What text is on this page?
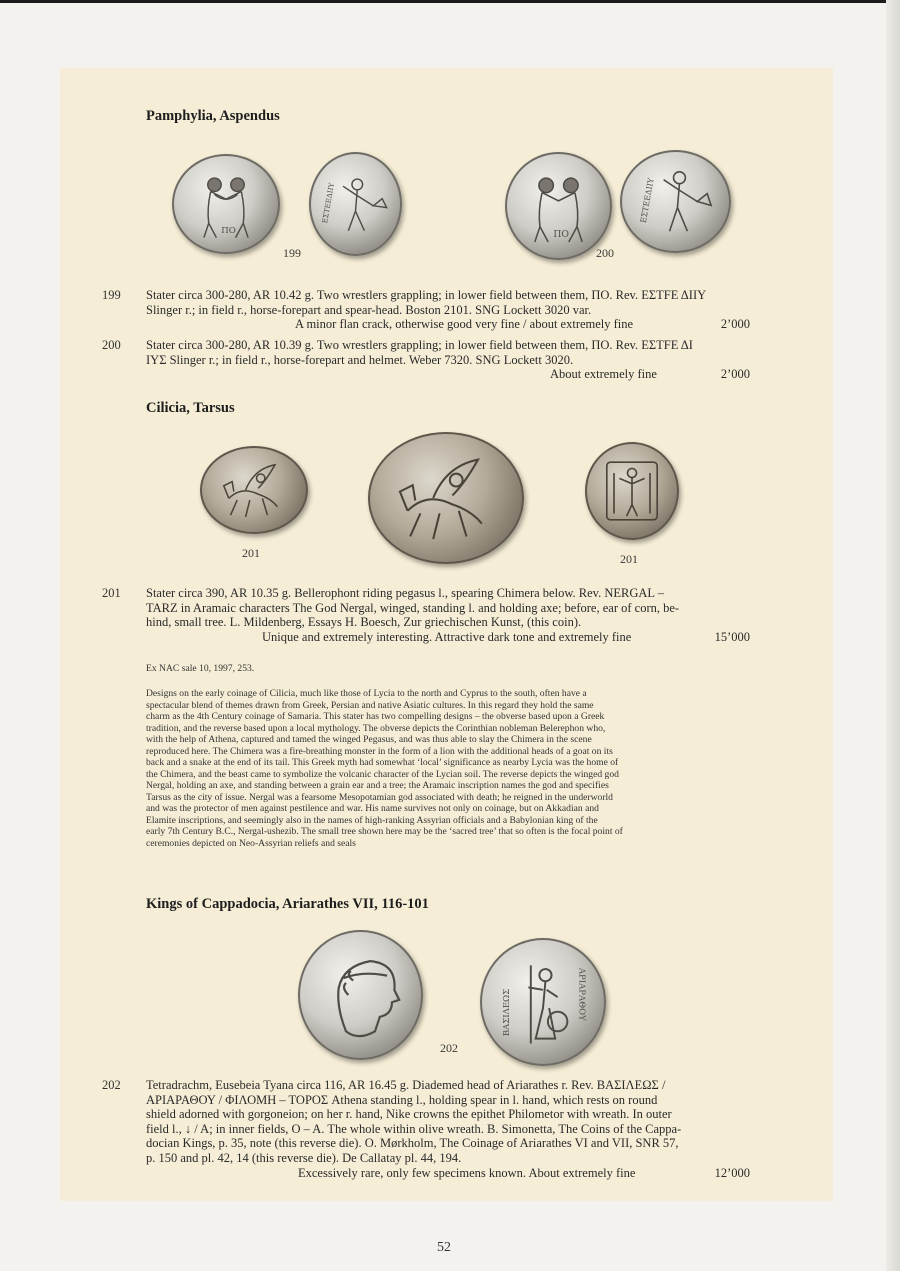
Pamphylia, Aspendus
ΠΟ
ΕΣΤΕΕΔΙΙΥ
199
ΠΟ
ΕΣΤΕΕΔΙΙΥ
200
199 Stater circa 300-280, AR 10.42 g. Two wrestlers grappling; in lower field between them, ΠΟ. Rev. ΕΣΤFΕ ΔΙΙΥ
Slinger r.; in field r., horse-forepart and spear-head. Boston 2101. SNG Lockett 3020 var.
A minor flan crack, otherwise good very fine / about extremely fine	2’000
200 Stater circa 300-280, AR 10.39 g. Two wrestlers grappling; in lower field between them, ΠΟ. Rev. ΕΣΤFΕ ΔΙ
ΙΥΣ Slinger r.; in field r., horse-forepart and helmet. Weber 7320. SNG Lockett 3020.
About extremely fine	2’000
Cilicia, Tarsus
201	201
201 Stater circa 390, AR 10.35 g. Bellerophont riding pegasus l., spearing Chimera below. Rev. NERGAL –
TARZ in Aramaic characters The God Nergal, winged, standing l. and holding axe; before, ear of corn, be-
hind, small tree. L. Mildenberg, Essays H. Boesch, Zur griechischen Kunst, (this coin).
Unique and extremely interesting. Attractive dark tone and extremely fine	15’000
Ex NAC sale 10, 1997, 253.
Designs on the early coinage of Cilicia, much like those of Lycia to the north and Cyprus to the south, often have a
spectacular blend of themes drawn from Greek, Persian and native Asiatic cultures. In this regard they hold the same
charm as the 4th Century coinage of Samaria. This stater has two compelling designs – the obverse based upon a Greek
tradition, and the reverse based upon a local mythology. The obverse depicts the Corinthian nobleman Belerephon who,
with the help of Athena, captured and tamed the winged Pegasus, and was thus able to slay the Chimera in the scene
reproduced here. The Chimera was a fire-breathing monster in the form of a lion with the additional heads of a goat on its
back and a snake at the end of its tail. This Greek myth had somewhat ‘local’ significance as nearby Lycia was the home of
the Chimera, and the beast came to symbolize the volcanic character of the Lycian soil. The reverse depicts the winged god
Nergal, holding an axe, and standing between a grain ear and a tree; the Aramaic inscription names the god and specifies
Tarsus as the city of issue. Nergal was a fearsome Mesopotamian god associated with death; he reigned in the underworld
and was the protector of men against pestilence and war. His name survives not only on coinage, but on Akkadian and
Elamite inscriptions, and seemingly also in the names of high-ranking Assyrian officials and a Babylonian king of the
early 7th Century B.C., Nergal-ushezib. The small tree shown here may be the ‘sacred tree’ that so often is the focal point of
ceremonies depicted on Neo-Assyrian reliefs and seals
Kings of Cappadocia, Ariarathes VII, 116-101
ΒΑΣΙΛΕΩΣ	ΑΡΙΑΡΑΘΟΥ
202
202 Tetradrachm, Eusebeia Tyana circa 116, AR 16.45 g. Diademed head of Ariarathes r. Rev. ΒΑΣΙΛΕΩΣ /
ΑΡΙΑΡΑΘΟΥ / ΦΙΛΟΜΗ – ΤΟΡΟΣ Athena standing l., holding spear in l. hand, which rests on round
shield adorned with gorgoneion; on her r. hand, Nike crowns the epithet Philometor with wreath. In outer
field l., ↓ / A; in inner fields, O – A. The whole within olive wreath. B. Simonetta, The Coins of the Cappa-
docian Kings, p. 35, note (this reverse die). O. Mørkholm, The Coinage of Ariarathes VI and VII, SNR 57,
p. 150 and pl. 42, 14 (this reverse die). De Callatay pl. 44, 194.
Excessively rare, only few specimens known. About extremely fine	12’000
52
